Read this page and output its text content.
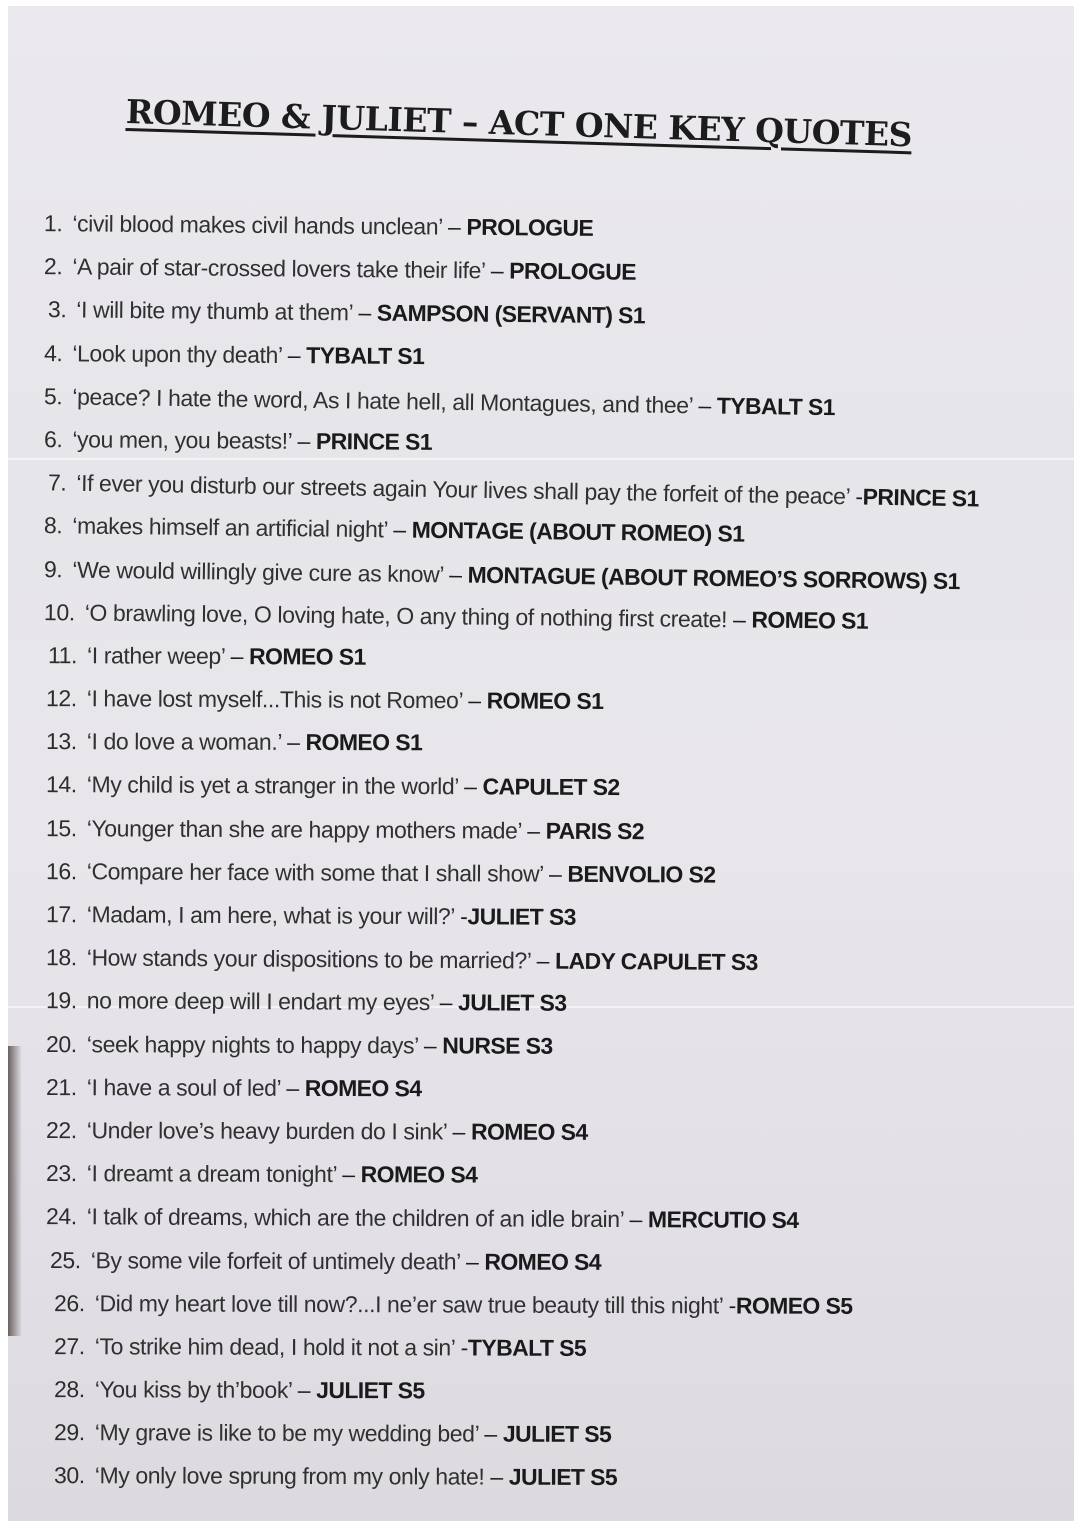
ROMEO & JULIET – ACT ONE KEY QUOTES
1. ‘civil blood makes civil hands unclean’ – PROLOGUE
2. ‘A pair of star-crossed lovers take their life’ – PROLOGUE
3. ‘I will bite my thumb at them’ – SAMPSON (SERVANT) S1
4. ‘Look upon thy death’ – TYBALT S1
5. ‘peace? I hate the word, As I hate hell, all Montagues, and thee’ – TYBALT S1
6. ‘you men, you beasts!’ – PRINCE S1
7. ‘If ever you disturb our streets again Your lives shall pay the forfeit of the peace’ -PRINCE S1
8. ‘makes himself an artificial night’ – MONTAGE (ABOUT ROMEO) S1
9. ‘We would willingly give cure as know’ – MONTAGUE (ABOUT ROMEO’S SORROWS) S1
10. ‘O brawling love, O loving hate, O any thing of nothing first create! – ROMEO S1
11. ‘I rather weep’ – ROMEO S1
12. ‘I have lost myself...This is not Romeo’ – ROMEO S1
13. ‘I do love a woman.’ – ROMEO S1
14. ‘My child is yet a stranger in the world’ – CAPULET S2
15. ‘Younger than she are happy mothers made’ – PARIS S2
16. ‘Compare her face with some that I shall show’ – BENVOLIO S2
17. ‘Madam, I am here, what is your will?’ -JULIET S3
18. ‘How stands your dispositions to be married?’ – LADY CAPULET S3
19. no more deep will I endart my eyes’ – JULIET S3
20. ‘seek happy nights to happy days’ – NURSE S3
21. ‘I have a soul of led’ – ROMEO S4
22. ‘Under love’s heavy burden do I sink’ – ROMEO S4
23. ‘I dreamt a dream tonight’ – ROMEO S4
24. ‘I talk of dreams, which are the children of an idle brain’ – MERCUTIO S4
25. ‘By some vile forfeit of untimely death’ – ROMEO S4
26. ‘Did my heart love till now?...I ne’er saw true beauty till this night’ -ROMEO S5
27. ‘To strike him dead, I hold it not a sin’ -TYBALT S5
28. ‘You kiss by th’book’ – JULIET S5
29. ‘My grave is like to be my wedding bed’ – JULIET S5
30. ‘My only love sprung from my only hate! – JULIET S5
